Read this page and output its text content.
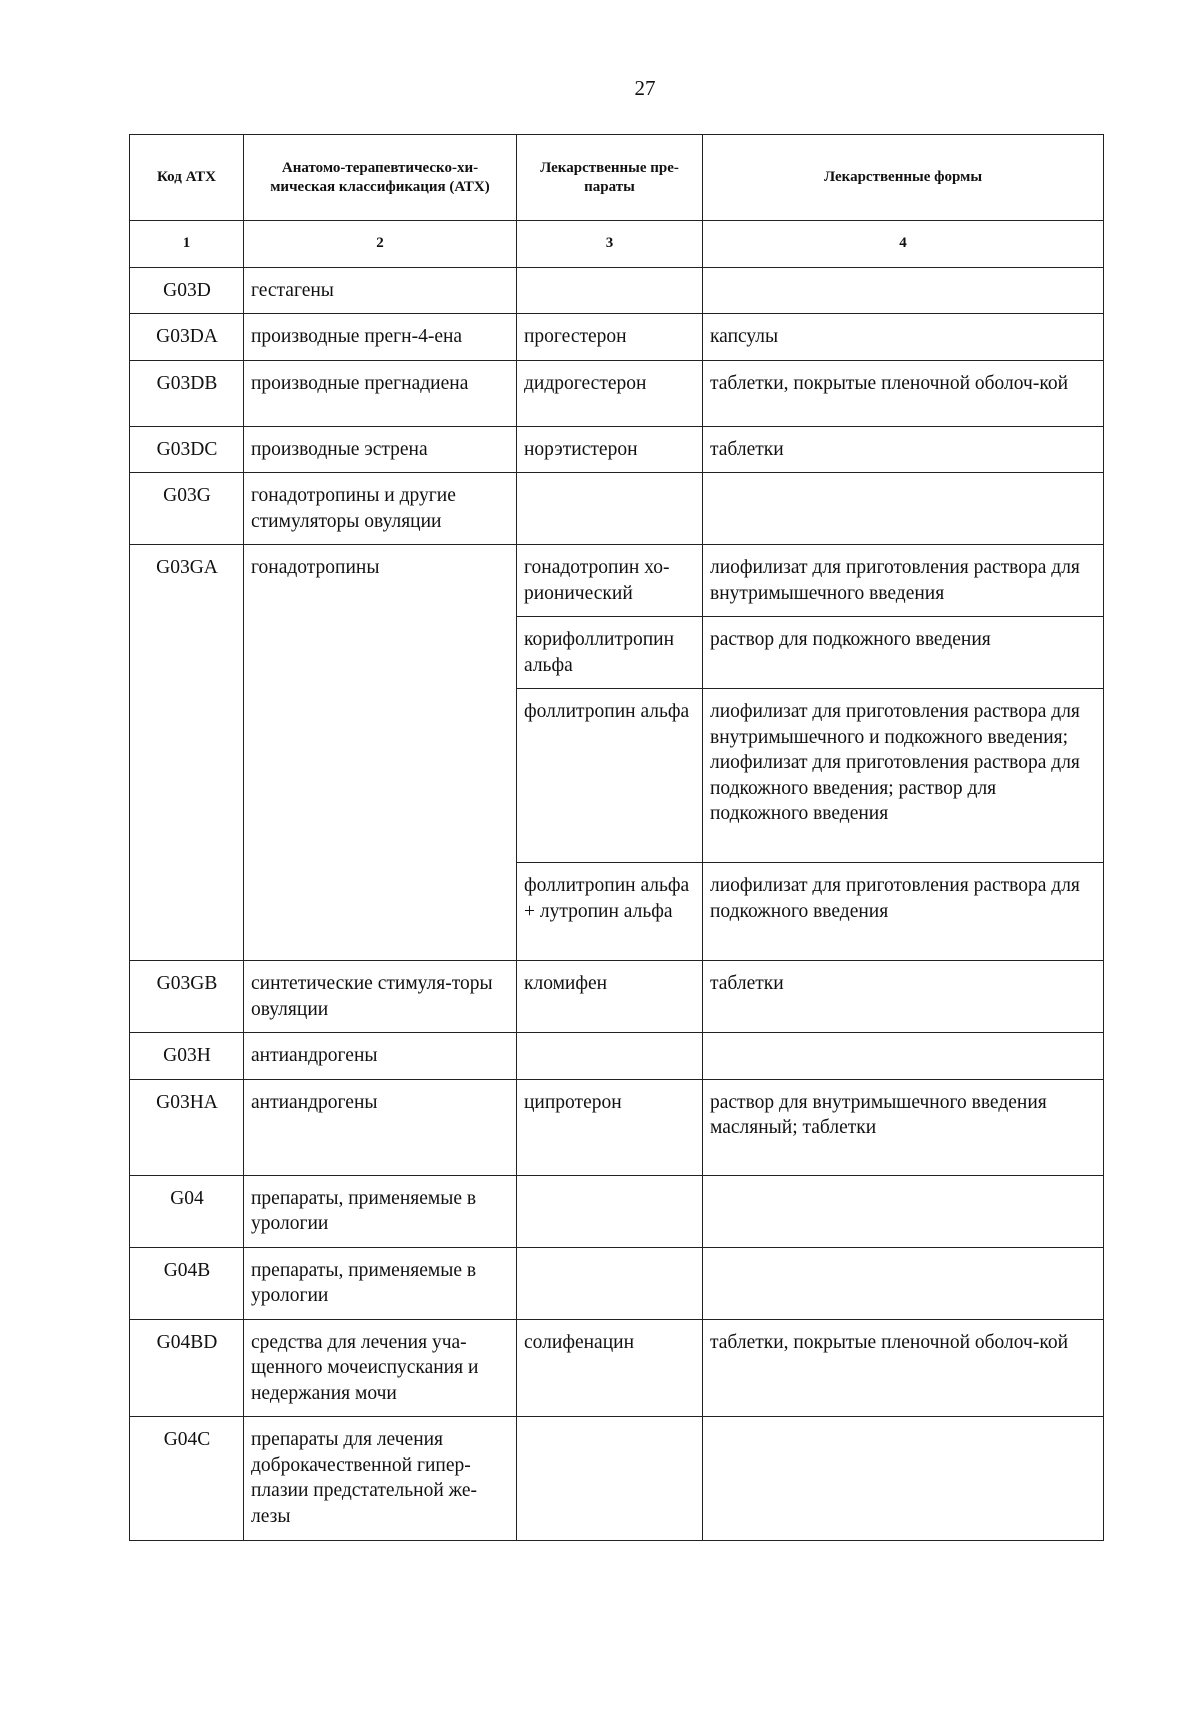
27
Код АТХ	Анатомо-терапевтическо-хи-мическая классификация (АТХ)	Лекарственные пре-параты	Лекарственные формы
1	2	3	4
G03D	гестагены		
G03DA	производные прегн-4-ена	прогестерон	капсулы
G03DB	производные прегнадиена	дидрогестерон	таблетки, покрытые пленочной оболоч-кой
G03DC	производные эстрена	норэтистерон	таблетки
G03G	гонадотропины и другие стимуляторы овуляции		
G03GA	гонадотропины	гонадотропин хо-рионический	лиофилизат для приготовления раствора для внутримышечного введения
		корифоллитропин альфа	раствор для подкожного введения
		фоллитропин альфа	лиофилизат для приготовления раствора для внутримышечного и подкожного введения; лиофилизат для приготовления раствора для подкожного введения; раствор для подкожного введения
		фоллитропин альфа + лутропин альфа	лиофилизат для приготовления раствора для подкожного введения
G03GB	синтетические стимуля-торы овуляции	кломифен	таблетки
G03H	антиандрогены		
G03HA	антиандрогены	ципротерон	раствор для внутримышечного введения масляный; таблетки
G04	препараты, применяемые в урологии		
G04B	препараты, применяемые в урологии		
G04BD	средства для лечения уча-щенного мочеиспускания и недержания мочи	солифенацин	таблетки, покрытые пленочной оболоч-кой
G04C	препараты для лечения доброкачественной гипер-плазии предстательной же-лезы		
